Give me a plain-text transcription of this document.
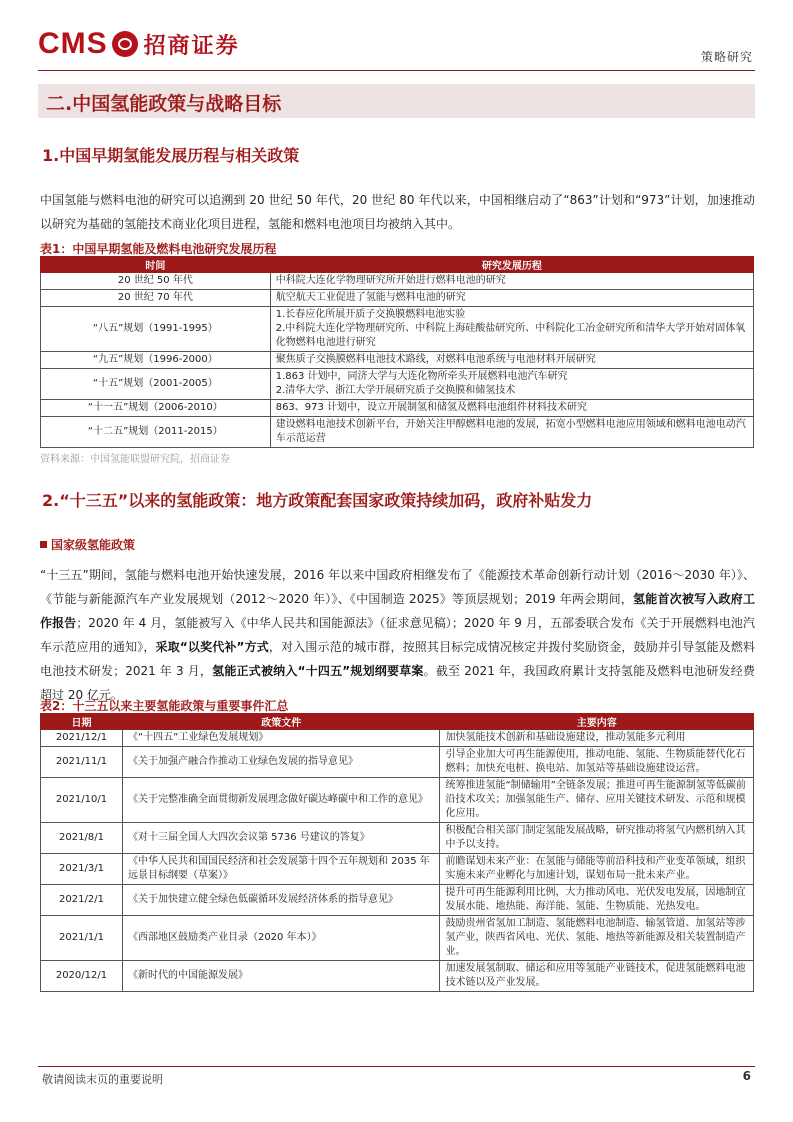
CMS 招商证券	策略研究
二.中国氢能政策与战略目标
1.中国早期氢能发展历程与相关政策
中国氢能与燃料电池的研究可以追溯到 20 世纪 50 年代，20 世纪 80 年代以来，中国相继启动了“863”计划和“973”计划，加速推动以研究为基础的氢能技术商业化项目进程，氢能和燃料电池项目均被纳入其中。
表1：中国早期氢能及燃料电池研究发展历程
时间	研究发展历程
20 世纪 50 年代	中科院大连化学物理研究所开始进行燃料电池的研究
20 世纪 70 年代	航空航天工业促进了氢能与燃料电池的研究
“八五”规划（1991-1995）	1.长春应化所展开质子交换膜燃料电池实验
2.中科院大连化学物理研究所、中科院上海硅酸盐研究所、中科院化工冶金研究所和清华大学开始对固体氧化物燃料电池进行研究
“九五”规划（1996-2000）	聚焦质子交换膜燃料电池技术路线，对燃料电池系统与电池材料开展研究
“十五”规划（2001-2005）	1.863 计划中，同济大学与大连化物所牵头开展燃料电池汽车研究
2.清华大学、浙江大学开展研究质子交换膜和储氢技术
“十一五”规划（2006-2010）	863、973 计划中，设立开展制氢和储氢及燃料电池组件材料技术研究
“十二五”规划（2011-2015）	建设燃料电池技术创新平台，开始关注甲醇燃料电池的发展，拓宽小型燃料电池应用领域和燃料电池电动汽车示范运营
资料来源：中国氢能联盟研究院，招商证券
2.“十三五”以来的氢能政策：地方政策配套国家政策持续加码，政府补贴发力
国家级氢能政策
“十三五”期间，氢能与燃料电池开始快速发展，2016 年以来中国政府相继发布了《能源技术革命创新行动计划（2016～2030 年）》、《节能与新能源汽车产业发展规划（2012～2020 年）》、《中国制造 2025》等顶层规划；2019 年两会期间，氢能首次被写入政府工作报告；2020 年 4 月，氢能被写入《中华人民共和国能源法》（征求意见稿）；2020 年 9 月，五部委联合发布《关于开展燃料电池汽车示范应用的通知》，采取“以奖代补”方式，对入围示范的城市群，按照其目标完成情况核定并拨付奖励资金，鼓励并引导氢能及燃料电池技术研发；2021 年 3 月，氢能正式被纳入“十四五”规划纲要草案。截至 2021 年，我国政府累计支持氢能及燃料电池研发经费超过 20 亿元。
表2：十三五以来主要氢能政策与重要事件汇总
日期	政策文件	主要内容
2021/12/1	《“十四五”工业绿色发展规划》	加快氢能技术创新和基础设施建设，推动氢能多元利用
2021/11/1	《关于加强产融合作推动工业绿色发展的指导意见》	引导企业加大可再生能源使用，推动电能、氢能、生物质能替代化石燃料；加快充电桩、换电站、加氢站等基础设施建设运营。
2021/10/1	《关于完整准确全面贯彻新发展理念做好碳达峰碳中和工作的意见》	统筹推进氢能“制储输用”全链条发展；推进可再生能源制氢等低碳前沿技术攻关；加强氢能生产、储存、应用关键技术研发、示范和规模化应用。
2021/8/1	《对十三届全国人大四次会议第 5736 号建议的答复》	积极配合相关部门制定氢能发展战略，研究推动将氢气内燃机纳入其中予以支持。
2021/3/1	《中华人民共和国国民经济和社会发展第十四个五年规划和 2035 年远景目标纲要（草案）》	前瞻谋划未来产业：在氢能与储能等前沿科技和产业变革领域，组织实施未来产业孵化与加速计划，谋划布局一批未来产业。
2021/2/1	《关于加快建立健全绿色低碳循环发展经济体系的指导意见》	提升可再生能源利用比例，大力推动风电、光伏发电发展，因地制宜发展水能、地热能、海洋能、氢能、生物质能、光热发电。
2021/1/1	《西部地区鼓励类产业目录（2020 年本）》	鼓励贵州省氢加工制造、氢能燃料电池制造、输氢管道、加氢站等涉氢产业，陕西省风电、光伏、氢能、地热等新能源及相关装置制造产业。
2020/12/1	《新时代的中国能源发展》	加速发展氢制取、储运和应用等氢能产业链技术，促进氢能燃料电池技术链以及产业发展。
敬请阅读末页的重要说明	6
